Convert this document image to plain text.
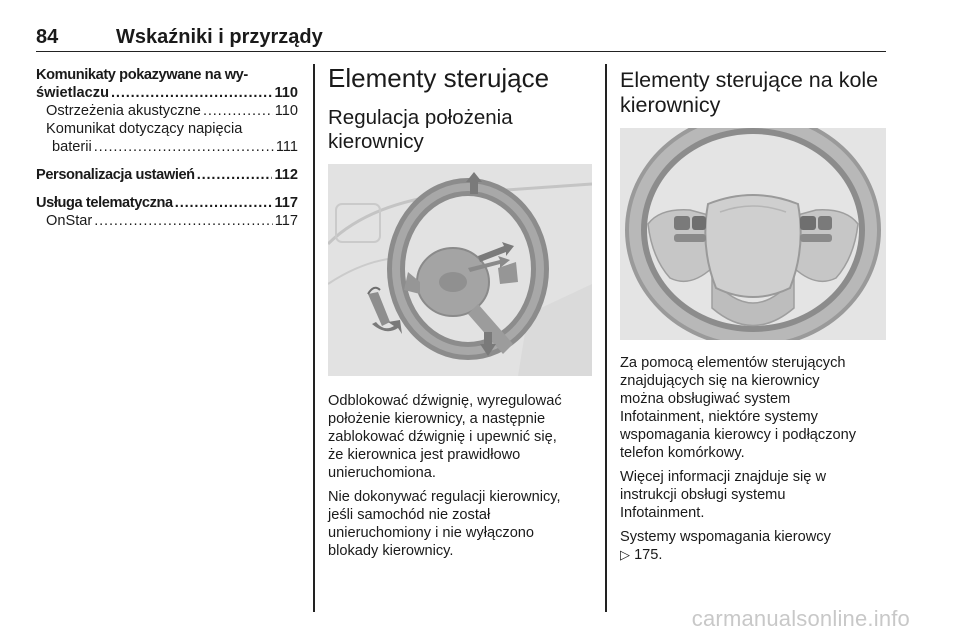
84	Wskaźniki i przyrządy
Komunikaty pokazywane na wy-
świetlaczu . . .	110
Ostrzeżenia akustyczne . . .	110
Komunikat dotyczący napięcia
baterii . . .	111
Personalizacja ustawień . . .	112
Usługa telematyczna . . .	117
OnStar . . .	117
Elementy sterujące
Regulacja położenia
kierownicy

Odblokować dźwignię, wyregulować
położenie kierownicy, a następnie
zablokować dźwignię i upewnić się,
że kierownica jest prawidłowo
unieruchomiona.

Nie dokonywać regulacji kierownicy,
jeśli samochód nie został
unieruchomiony i nie wyłączono
blokady kierownicy.

Elementy sterujące na kole
kierownicy

Za pomocą elementów sterujących
znajdujących się na kierownicy
można obsługiwać system
Infotainment, niektóre systemy
wspomagania kierowcy i podłączony
telefon komórkowy.

Więcej informacji znajduje się w
instrukcji obsługi systemu
Infotainment.

Systemy wspomagania kierowcy
▷ 175.

carmanualsonline.info
